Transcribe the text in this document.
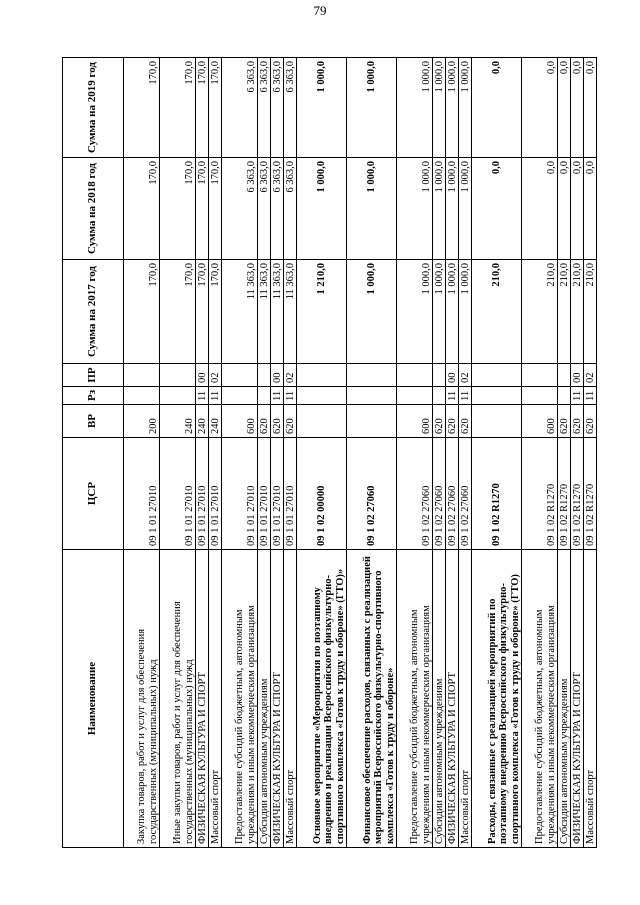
79
Наименование	ЦСР	ВР	Рз	ПР	Сумма на 2017 год	Сумма на 2018 год	Сумма на 2019 год
Закупка товаров, работ и услуг для обеспечения государственных (муниципальных) нужд	09 1 01 27010	200			170,0	170,0	170,0
Иные закупки товаров, работ и услуг для обеспечения государственных (муниципальных) нужд	09 1 01 27010	240			170,0	170,0	170,0
ФИЗИЧЕСКАЯ КУЛЬТУРА И СПОРТ	09 1 01 27010	240	11	00	170,0	170,0	170,0
Массовый спорт	09 1 01 27010	240	11	02	170,0	170,0	170,0
Предоставление субсидий бюджетным, автономным учреждениям и иным некоммерческим организациям	09 1 01 27010	600			11 363,0	6 363,0	6 363,0
Субсидии автономным учреждениям	09 1 01 27010	620			11 363,0	6 363,0	6 363,0
ФИЗИЧЕСКАЯ КУЛЬТУРА И СПОРТ	09 1 01 27010	620	11	00	11 363,0	6 363,0	6 363,0
Массовый спорт	09 1 01 27010	620	11	02	11 363,0	6 363,0	6 363,0
Основное мероприятие «Мероприятия по поэтапному внедрению и реализации Всероссийского физкультурно-спортивного комплекса «Готов к труду и обороне» (ГТО)»	09 1 02 00000				1 210,0	1 000,0	1 000,0
Финансовое обеспечение расходов, связанных с реализацией мероприятий Всероссийского физкультурно-спортивного комплекса «Готов к труду и обороне»	09 1 02 27060				1 000,0	1 000,0	1 000,0
Предоставление субсидий бюджетным, автономным учреждениям и иным некоммерческим организациям	09 1 02 27060	600			1 000,0	1 000,0	1 000,0
Субсидии автономным учреждениям	09 1 02 27060	620			1 000,0	1 000,0	1 000,0
ФИЗИЧЕСКАЯ КУЛЬТУРА И СПОРТ	09 1 02 27060	620	11	00	1 000,0	1 000,0	1 000,0
Массовый спорт	09 1 02 27060	620	11	02	1 000,0	1 000,0	1 000,0
Расходы, связанные с реализацией мероприятий по поэтапному внедрению Всероссийского физкультурно-спортивного комплекса «Готов к труду и обороне» (ГТО)	09 1 02 R1270				210,0	0,0	0,0
Предоставление субсидий бюджетным, автономным учреждениям и иным некоммерческим организациям	09 1 02 R1270	600			210,0	0,0	0,0
Субсидии автономным учреждениям	09 1 02 R1270	620			210,0	0,0	0,0
ФИЗИЧЕСКАЯ КУЛЬТУРА И СПОРТ	09 1 02 R1270	620	11	00	210,0	0,0	0,0
Массовый спорт	09 1 02 R1270	620	11	02	210,0	0,0	0,0
